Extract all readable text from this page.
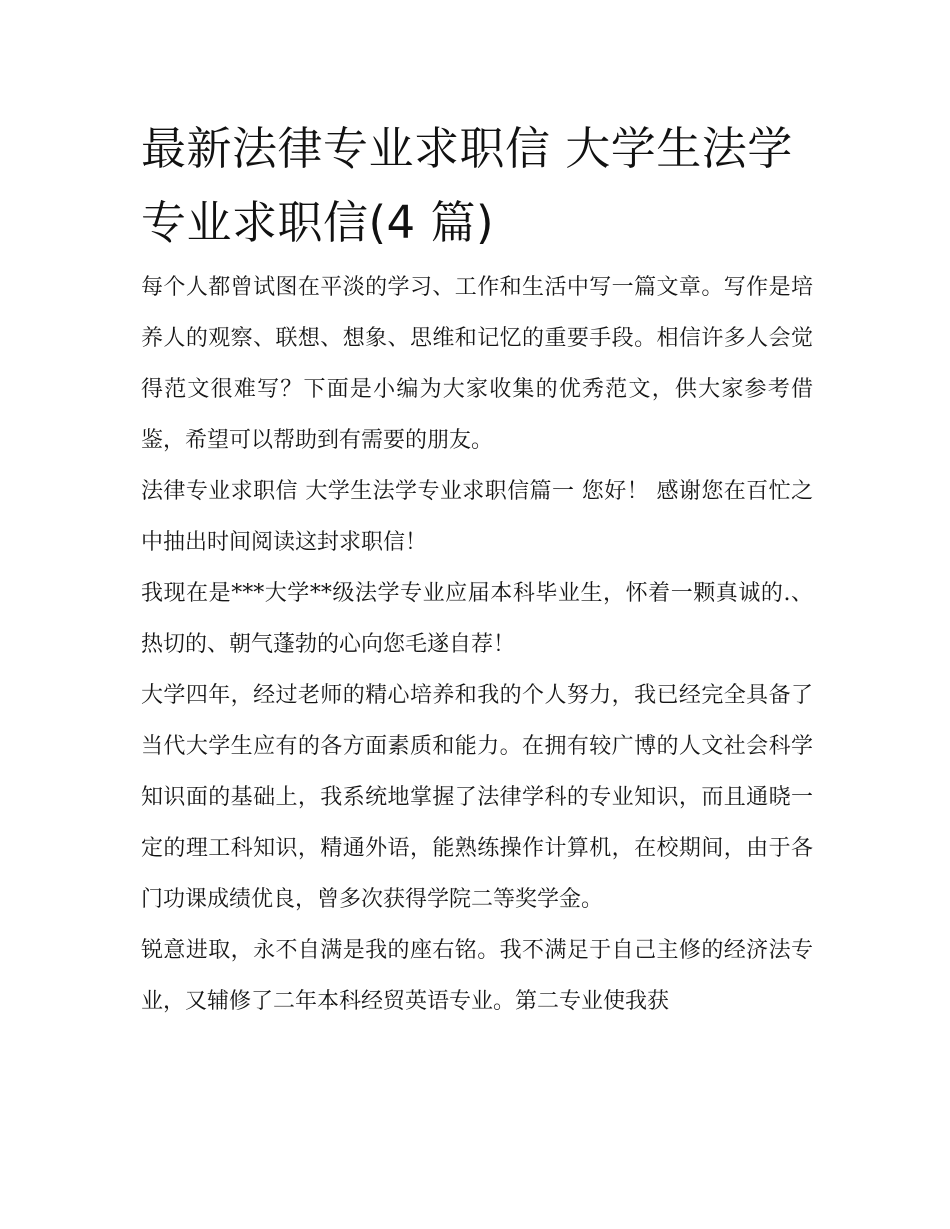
最新法律专业求职信 大学生法学专业求职信(4 篇)

每个人都曾试图在平淡的学习、工作和生活中写一篇文章。写作是培养人的观察、联想、想象、思维和记忆的重要手段。相信许多人会觉得范文很难写？下面是小编为大家收集的优秀范文，供大家参考借鉴，希望可以帮助到有需要的朋友。

法律专业求职信 大学生法学专业求职信篇一 您好！ 感谢您在百忙之中抽出时间阅读这封求职信！

我现在是***大学**级法学专业应届本科毕业生，怀着一颗真诚的.、热切的、朝气蓬勃的心向您毛遂自荐！

大学四年，经过老师的精心培养和我的个人努力，我已经完全具备了当代大学生应有的各方面素质和能力。在拥有较广博的人文社会科学知识面的基础上，我系统地掌握了法律学科的专业知识，而且通晓一定的理工科知识，精通外语，能熟练操作计算机，在校期间，由于各门功课成绩优良，曾多次获得学院二等奖学金。

锐意进取，永不自满是我的座右铭。我不满足于自己主修的经济法专业，又辅修了二年本科经贸英语专业。第二专业使我获
